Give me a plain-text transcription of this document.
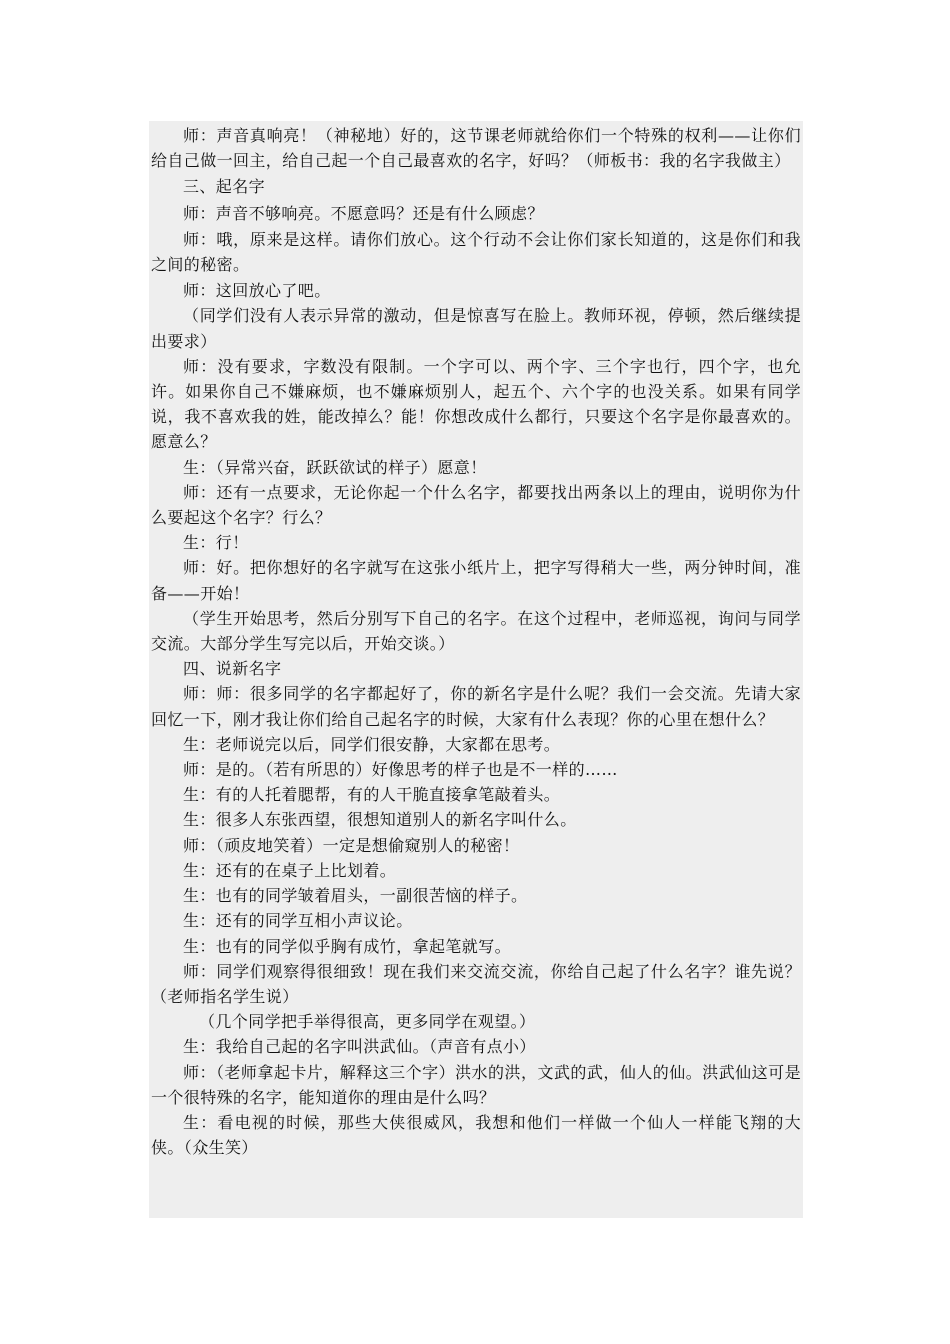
师：声音真响亮！（神秘地）好的，这节课老师就给你们一个特殊的权利——让你们给自己做一回主，给自己起一个自己最喜欢的名字，好吗？（师板书：我的名字我做主）

三、起名字

师：声音不够响亮。不愿意吗？还是有什么顾虑？

师：哦，原来是这样。请你们放心。这个行动不会让你们家长知道的，这是你们和我之间的秘密。

师：这回放心了吧。

（同学们没有人表示异常的激动，但是惊喜写在脸上。教师环视，停顿，然后继续提出要求）

师：没有要求，字数没有限制。一个字可以、两个字、三个字也行，四个字，也允许。如果你自己不嫌麻烦，也不嫌麻烦别人，起五个、六个字的也没关系。如果有同学说，我不喜欢我的姓，能改掉么？能！你想改成什么都行，只要这个名字是你最喜欢的。愿意么？

生：（异常兴奋，跃跃欲试的样子）愿意！

师：还有一点要求，无论你起一个什么名字，都要找出两条以上的理由，说明你为什么要起这个名字？行么？

生：行！

师：好。把你想好的名字就写在这张小纸片上，把字写得稍大一些，两分钟时间，准备——开始！

（学生开始思考，然后分别写下自己的名字。在这个过程中，老师巡视，询问与同学交流。大部分学生写完以后，开始交谈。）

四、说新名字

师：师：很多同学的名字都起好了，你的新名字是什么呢？我们一会交流。先请大家回忆一下，刚才我让你们给自己起名字的时候，大家有什么表现？你的心里在想什么？

生：老师说完以后，同学们很安静，大家都在思考。

师：是的。（若有所思的）好像思考的样子也是不一样的……

生：有的人托着腮帮，有的人干脆直接拿笔敲着头。

生：很多人东张西望，很想知道别人的新名字叫什么。

师：（顽皮地笑着）一定是想偷窥别人的秘密！

生：还有的在桌子上比划着。

生：也有的同学皱着眉头，一副很苦恼的样子。

生：还有的同学互相小声议论。

生：也有的同学似乎胸有成竹，拿起笔就写。

师：同学们观察得很细致！现在我们来交流交流，你给自己起了什么名字？谁先说？（老师指名学生说）

（几个同学把手举得很高，更多同学在观望。）

生：我给自己起的名字叫洪武仙。（声音有点小）

师：（老师拿起卡片，解释这三个字）洪水的洪，文武的武，仙人的仙。洪武仙这可是一个很特殊的名字，能知道你的理由是什么吗？

生：看电视的时候，那些大侠很威风，我想和他们一样做一个仙人一样能飞翔的大侠。（众生笑）
